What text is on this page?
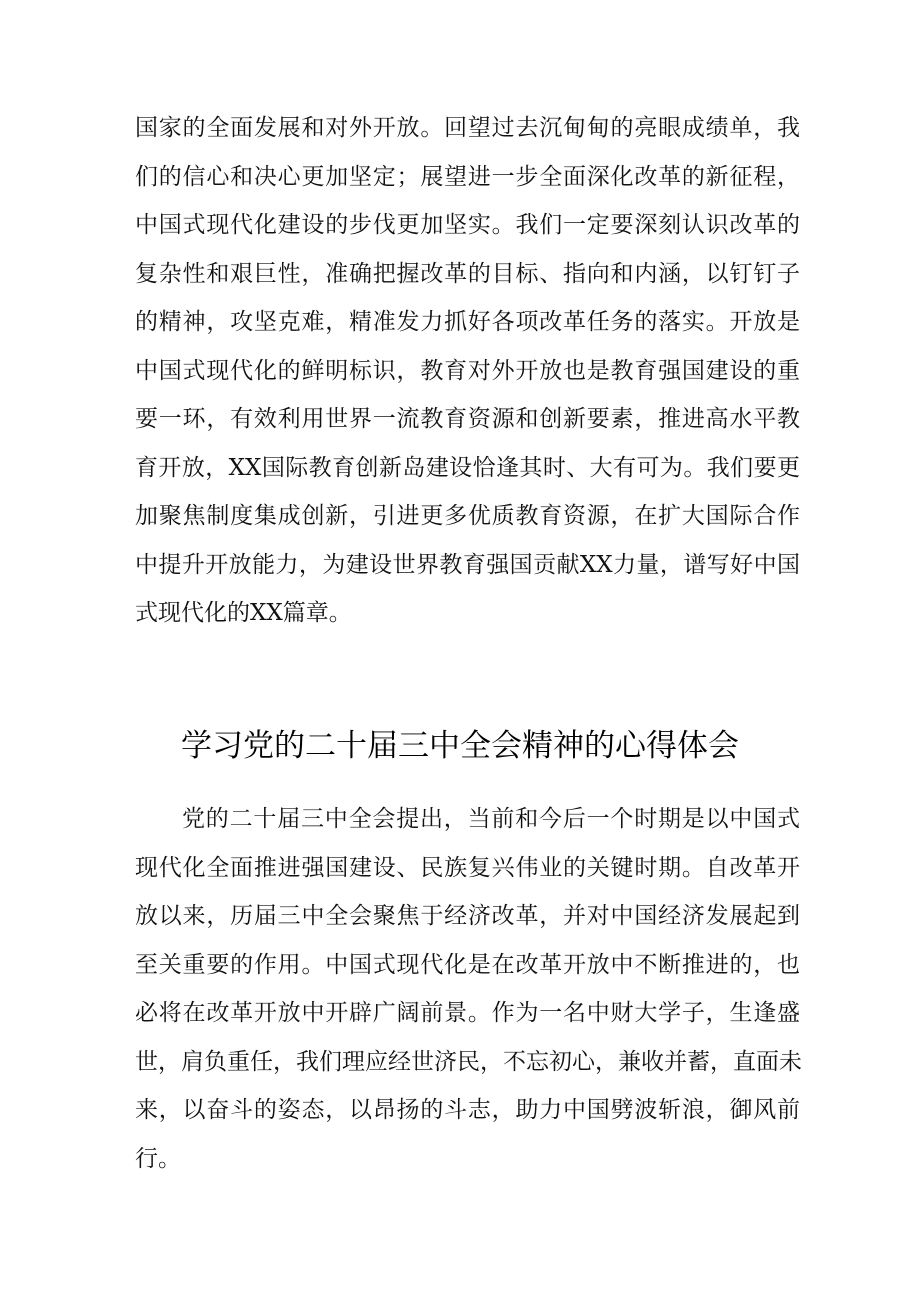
国家的全面发展和对外开放。回望过去沉甸甸的亮眼成绩单，我
们的信心和决心更加坚定；展望进一步全面深化改革的新征程，
中国式现代化建设的步伐更加坚实。我们一定要深刻认识改革的
复杂性和艰巨性，准确把握改革的目标、指向和内涵，以钉钉子
的精神，攻坚克难，精准发力抓好各项改革任务的落实。开放是
中国式现代化的鲜明标识，教育对外开放也是教育强国建设的重
要一环，有效利用世界一流教育资源和创新要素，推进高水平教
育开放，XX国际教育创新岛建设恰逢其时、大有可为。我们要更
加聚焦制度集成创新，引进更多优质教育资源，在扩大国际合作
中提升开放能力，为建设世界教育强国贡献XX力量，谱写好中国
式现代化的XX篇章。
学习党的二十届三中全会精神的心得体会
党的二十届三中全会提出，当前和今后一个时期是以中国式
现代化全面推进强国建设、民族复兴伟业的关键时期。自改革开
放以来，历届三中全会聚焦于经济改革，并对中国经济发展起到
至关重要的作用。中国式现代化是在改革开放中不断推进的，也
必将在改革开放中开辟广阔前景。作为一名中财大学子，生逢盛
世，肩负重任，我们理应经世济民，不忘初心，兼收并蓄，直面未
来，以奋斗的姿态，以昂扬的斗志，助力中国劈波斩浪，御风前
行。
